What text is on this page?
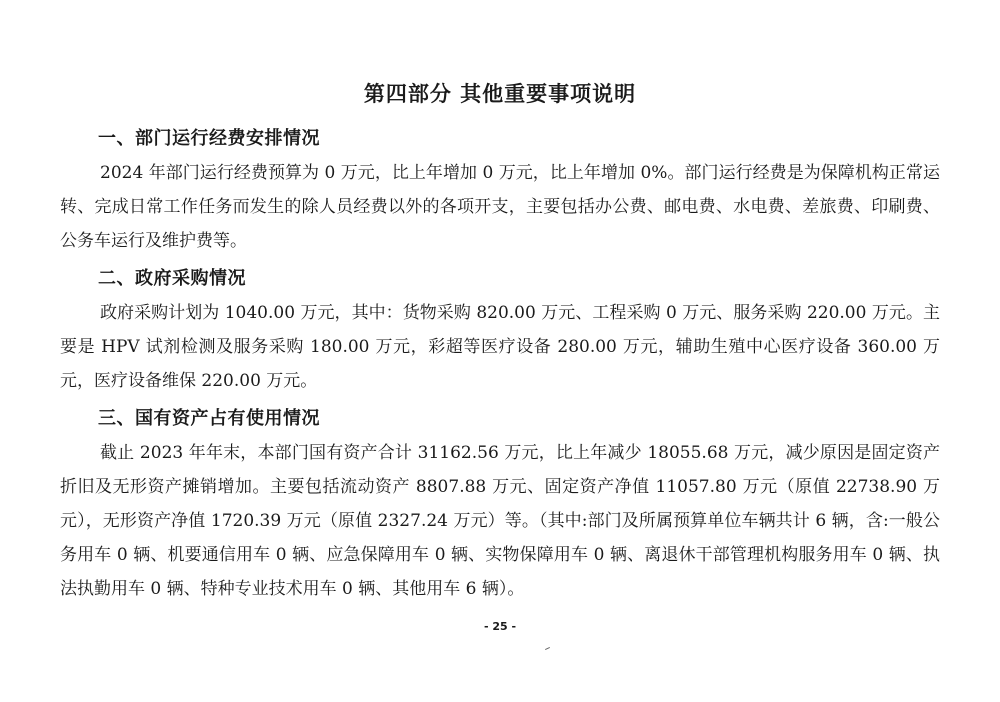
第四部分 其他重要事项说明
一、部门运行经费安排情况

2024 年部门运行经费预算为 0 万元，比上年增加 0 万元，比上年增加 0%。部门运行经费是为保障机构正常运转、完成日常工作任务而发生的除人员经费以外的各项开支，主要包括办公费、邮电费、水电费、差旅费、印刷费、公务车运行及维护费等。

二、政府采购情况

政府采购计划为 1040.00 万元，其中：货物采购 820.00 万元、工程采购 0 万元、服务采购 220.00 万元。主要是 HPV 试剂检测及服务采购 180.00 万元，彩超等医疗设备 280.00 万元，辅助生殖中心医疗设备 360.00 万元，医疗设备维保 220.00 万元。

三、国有资产占有使用情况

截止 2023 年年末，本部门国有资产合计 31162.56 万元，比上年减少 18055.68 万元，减少原因是固定资产折旧及无形资产摊销增加。主要包括流动资产 8807.88 万元、固定资产净值 11057.80 万元（原值 22738.90 万元），无形资产净值 1720.39 万元（原值 2327.24 万元）等。（其中:部门及所属预算单位车辆共计 6 辆，含:一般公务用车 0 辆、机要通信用车 0 辆、应急保障用车 0 辆、实物保障用车 0 辆、离退休干部管理机构服务用车 0 辆、执法执勤用车 0 辆、特种专业技术用车 0 辆、其他用车 6 辆）。

- 25 -
